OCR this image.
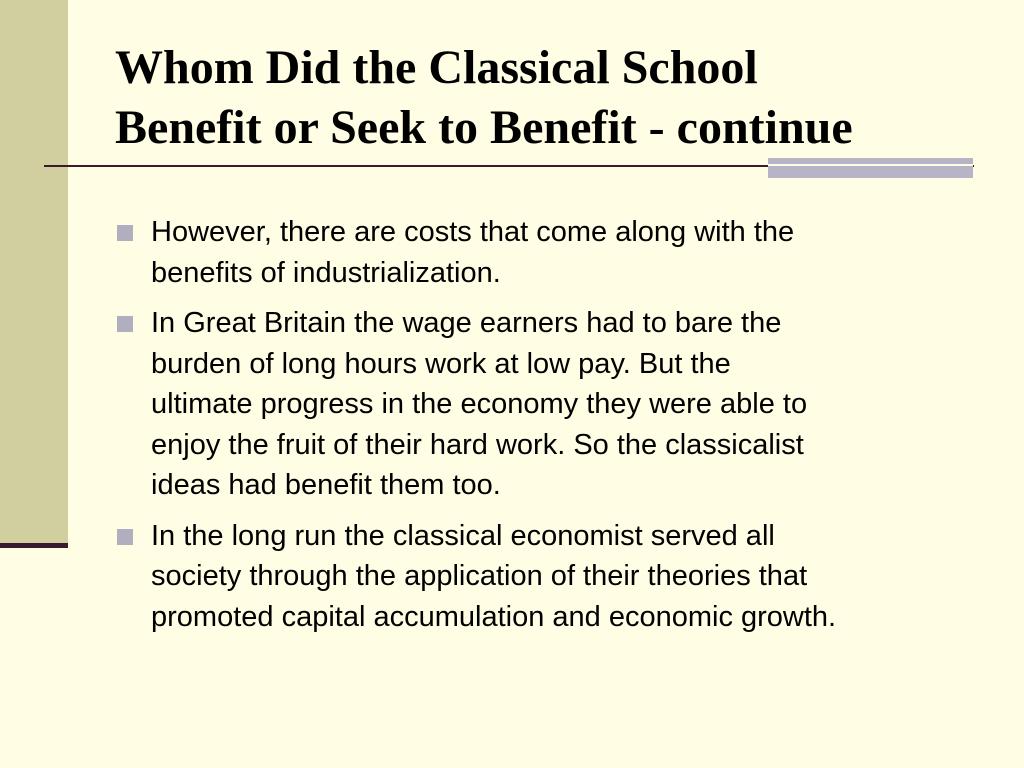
Whom Did the Classical School
Benefit or Seek to Benefit - continue
However, there are costs that come along with the
benefits of industrialization.
In Great Britain the wage earners had to bare the
burden of long hours work at low pay. But the
ultimate progress in the economy they were able to
enjoy the fruit of their hard work. So the classicalist
ideas had benefit them too.
In the long run the classical economist served all
society through the application of their theories that
promoted capital accumulation and economic growth.
